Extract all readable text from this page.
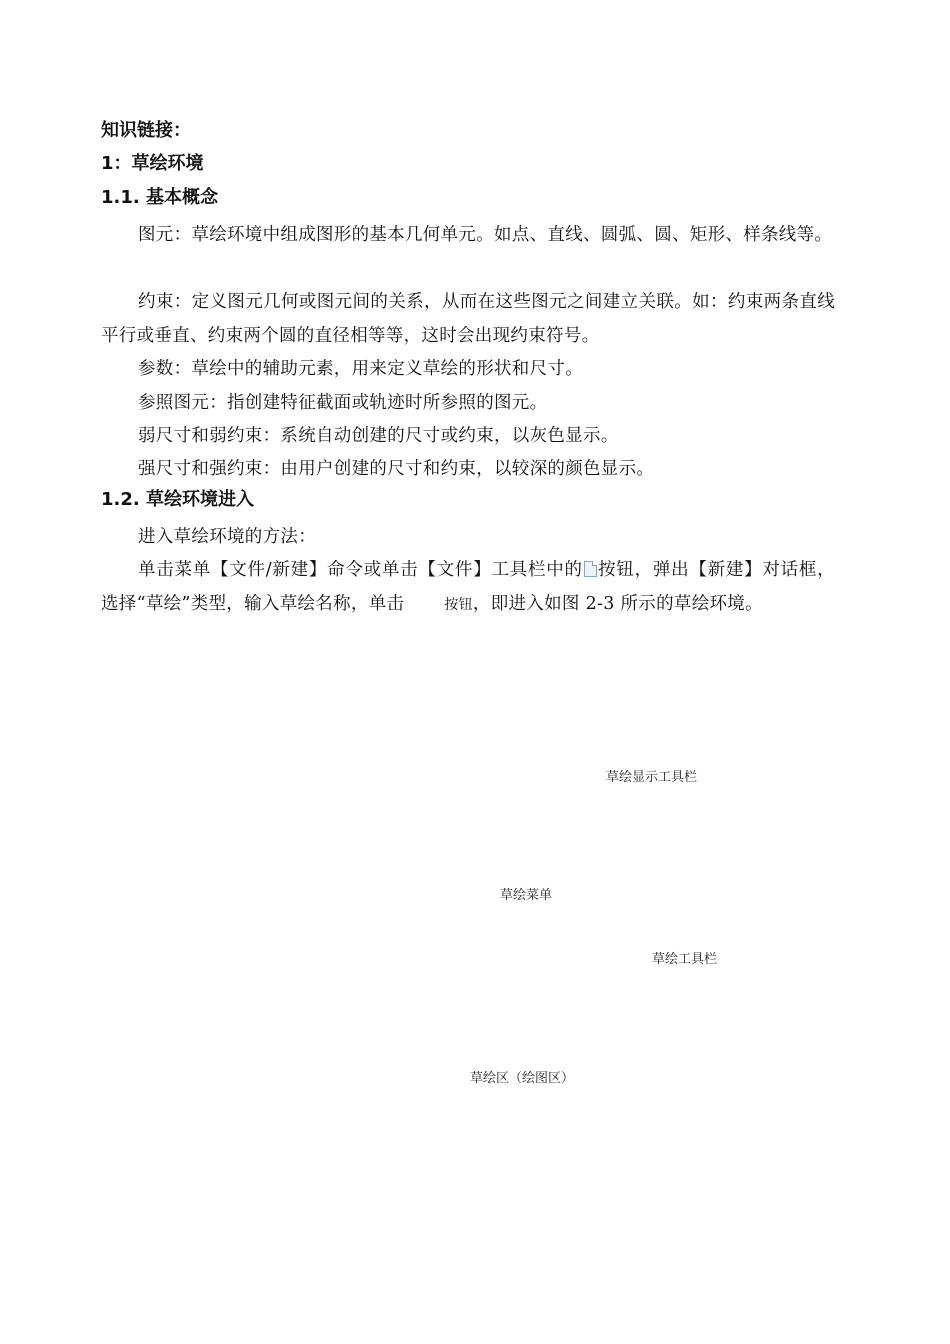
知识链接：
1：草绘环境
1.1. 基本概念

图元：草绘环境中组成图形的基本几何单元。如点、直线、圆弧、圆、矩形、样条线等。

约束：定义图元几何或图元间的关系，从而在这些图元之间建立关联。如：约束两条直线平行或垂直、约束两个圆的直径相等等，这时会出现约束符号。

参数：草绘中的辅助元素，用来定义草绘的形状和尺寸。

参照图元：指创建特征截面或轨迹时所参照的图元。

弱尺寸和弱约束：系统自动创建的尺寸或约束，以灰色显示。

强尺寸和强约束：由用户创建的尺寸和约束，以较深的颜色显示。

1.2. 草绘环境进入

进入草绘环境的方法：

单击菜单【文件/新建】命令或单击【文件】工具栏中的 按钮，弹出【新建】对话框，选择“草绘”类型，输入草绘名称，单击	按钮，即进入如图 2-3 所示的草绘环境。

草绘显示工具栏
草绘菜单
草绘工具栏
草绘区（绘图区）
